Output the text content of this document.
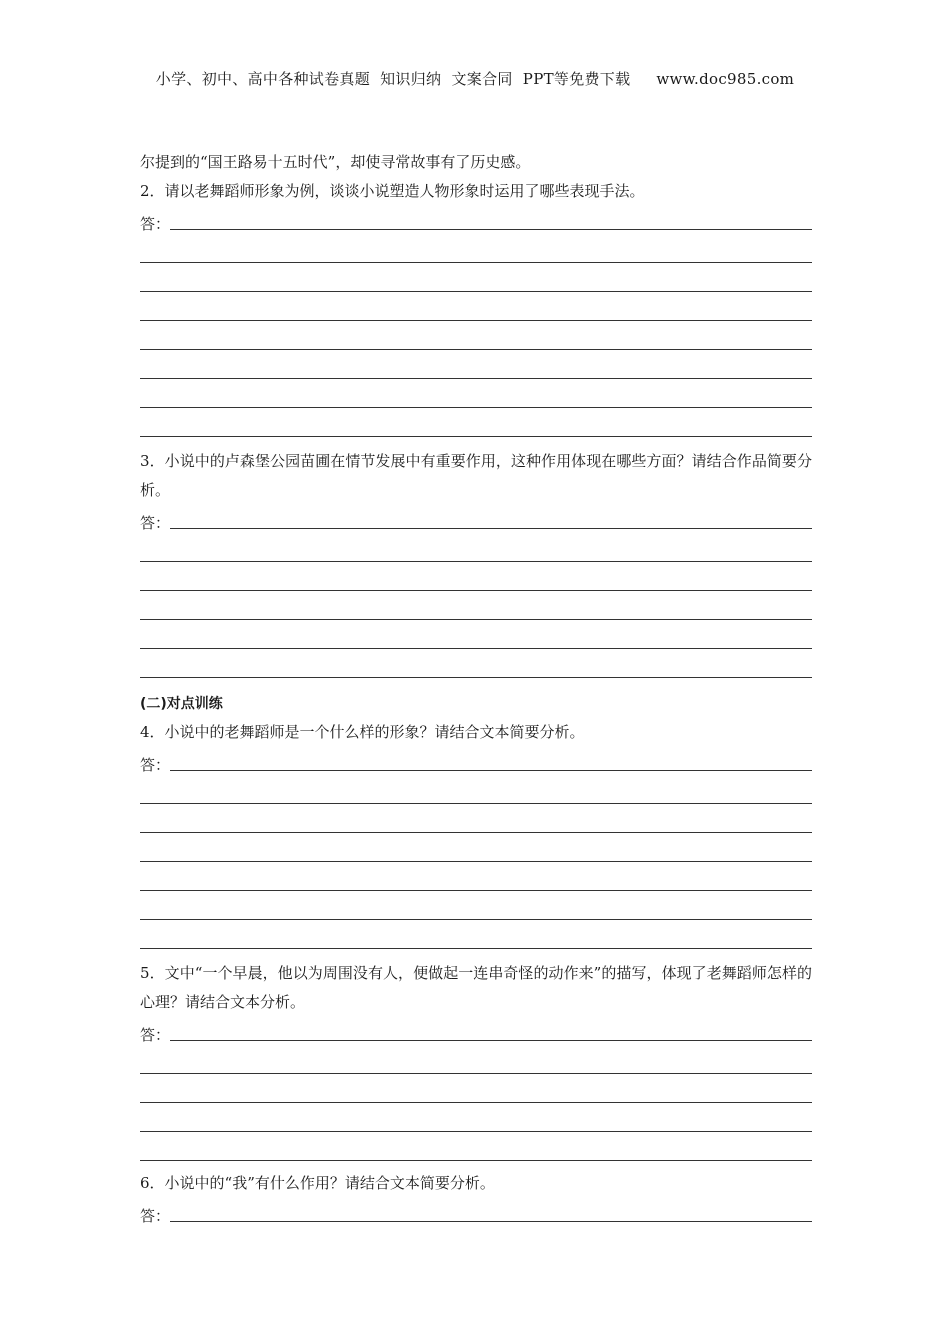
小学、初中、高中各种试卷真题  知识归纳  文案合同  PPT等免费下载 www.doc985.com

尔提到的“国王路易十五时代”，却使寻常故事有了历史感。

2．请以老舞蹈师形象为例，谈谈小说塑造人物形象时运用了哪些表现手法。

答：

3．小说中的卢森堡公园苗圃在情节发展中有重要作用，这种作用体现在哪些方面？请结合作品简要分析。

答：

(二)对点训练

4．小说中的老舞蹈师是一个什么样的形象？请结合文本简要分析。

答：

5．文中“一个早晨，他以为周围没有人，便做起一连串奇怪的动作来”的描写，体现了老舞蹈师怎样的心理？请结合文本分析。

答：

6．小说中的“我”有什么作用？请结合文本简要分析。

答：
